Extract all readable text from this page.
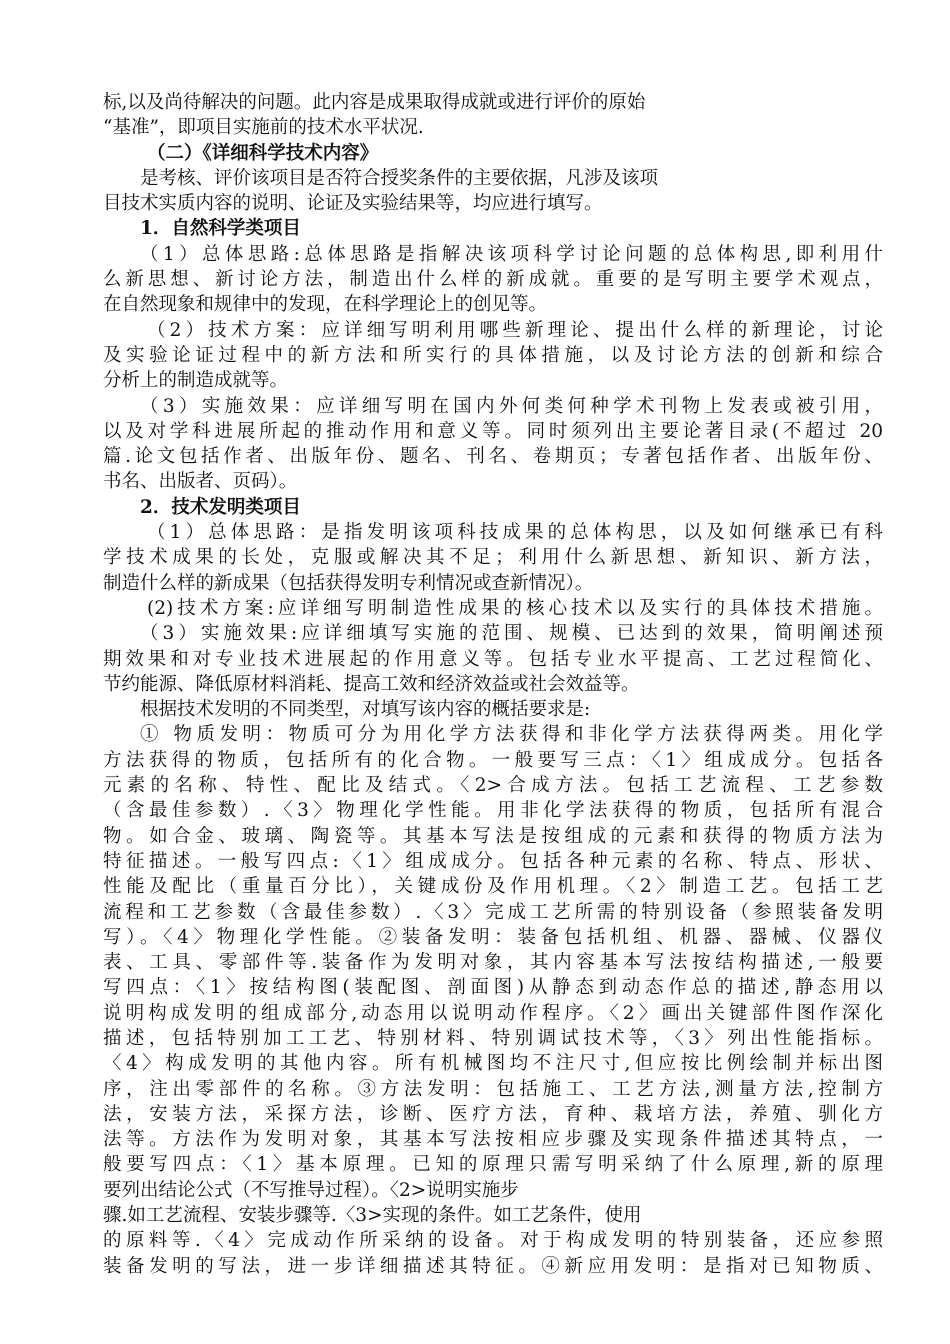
标,以及尚待解决的问题。此内容是成果取得成就或进行评价的原始
“基准”，即项目实施前的技术水平状况.
（二）《详细科学技术内容》
是考核、评价该项目是否符合授奖条件的主要依据，凡涉及该项
目技术实质内容的说明、论证及实验结果等，均应进行填写。
1．自然科学类项目
（1）总体思路:总体思路是指解决该项科学讨论问题的总体构思,即利用什
么新思想、新讨论方法，制造出什么样的新成就。重要的是写明主要学术观点，
在自然现象和规律中的发现，在科学理论上的创见等。
（2）技术方案：应详细写明利用哪些新理论、提出什么样的新理论，讨论
及实验论证过程中的新方法和所实行的具体措施，以及讨论方法的创新和综合
分析上的制造成就等。
（3）实施效果：应详细写明在国内外何类何种学术刊物上发表或被引用，
以及对学科进展所起的推动作用和意义等。同时须列出主要论著目录(不超过 20
篇.论文包括作者、出版年份、题名、刊名、卷期页；专著包括作者、出版年份、
书名、出版者、页码）。
2．技术发明类项目
（1）总体思路：是指发明该项科技成果的总体构思，以及如何继承已有科
学技术成果的长处，克服或解决其不足；利用什么新思想、新知识、新方法，
制造什么样的新成果（包括获得发明专利情况或查新情况）。
(2)技术方案:应详细写明制造性成果的核心技术以及实行的具体技术措施。
（3）实施效果:应详细填写实施的范围、规模、已达到的效果，简明阐述预
期效果和对专业技术进展起的作用意义等。包括专业水平提高、工艺过程简化、
节约能源、降低原材料消耗、提高工效和经济效益或社会效益等。
根据技术发明的不同类型，对填写该内容的概括要求是:
① 物质发明：物质可分为用化学方法获得和非化学方法获得两类。用化学
方法获得的物质，包括所有的化合物。一般要写三点：〈1〉组成成分。包括各
元素的名称、特性、配比及结式。〈2>合成方法。包括工艺流程、工艺参数
（含最佳参数）.〈3〉物理化学性能。用非化学法获得的物质，包括所有混合
物。如合金、玻璃、陶瓷等。其基本写法是按组成的元素和获得的物质方法为
特征描述。一般写四点:〈1〉组成成分。包括各种元素的名称、特点、形状、
性能及配比（重量百分比），关键成份及作用机理。〈2〉制造工艺。包括工艺
流程和工艺参数（含最佳参数）.〈3〉完成工艺所需的特别设备（参照装备发明
写）。〈4〉物理化学性能。②装备发明：装备包括机组、机器、器械、仪器仪
表、工具、零部件等.装备作为发明对象，其内容基本写法按结构描述,一般要
写四点：〈1〉按结构图(装配图、剖面图)从静态到动态作总的描述,静态用以
说明构成发明的组成部分,动态用以说明动作程序。〈2〉画出关键部件图作深化
描述，包括特别加工工艺、特别材料、特别调试技术等，〈3〉列出性能指标。
〈4〉构成发明的其他内容。所有机械图均不注尺寸,但应按比例绘制并标出图
序，注出零部件的名称。③方法发明：包括施工、工艺方法,测量方法,控制方
法，安装方法，采探方法，诊断、医疗方法，育种、栽培方法，养殖、驯化方
法等。方法作为发明对象，其基本写法按相应步骤及实现条件描述其特点，一
般要写四点：〈1〉基本原理。已知的原理只需写明采纳了什么原理,新的原理
要列出结论公式（不写推导过程）。〈2>说明实施步
骤.如工艺流程、安装步骤等.〈3>实现的条件。如工艺条件，使用
的原料等.〈4〉完成动作所采纳的设备。对于构成发明的特别装备，还应参照
装备发明的写法，进一步详细描述其特征。④新应用发明：是指对已知物质、
